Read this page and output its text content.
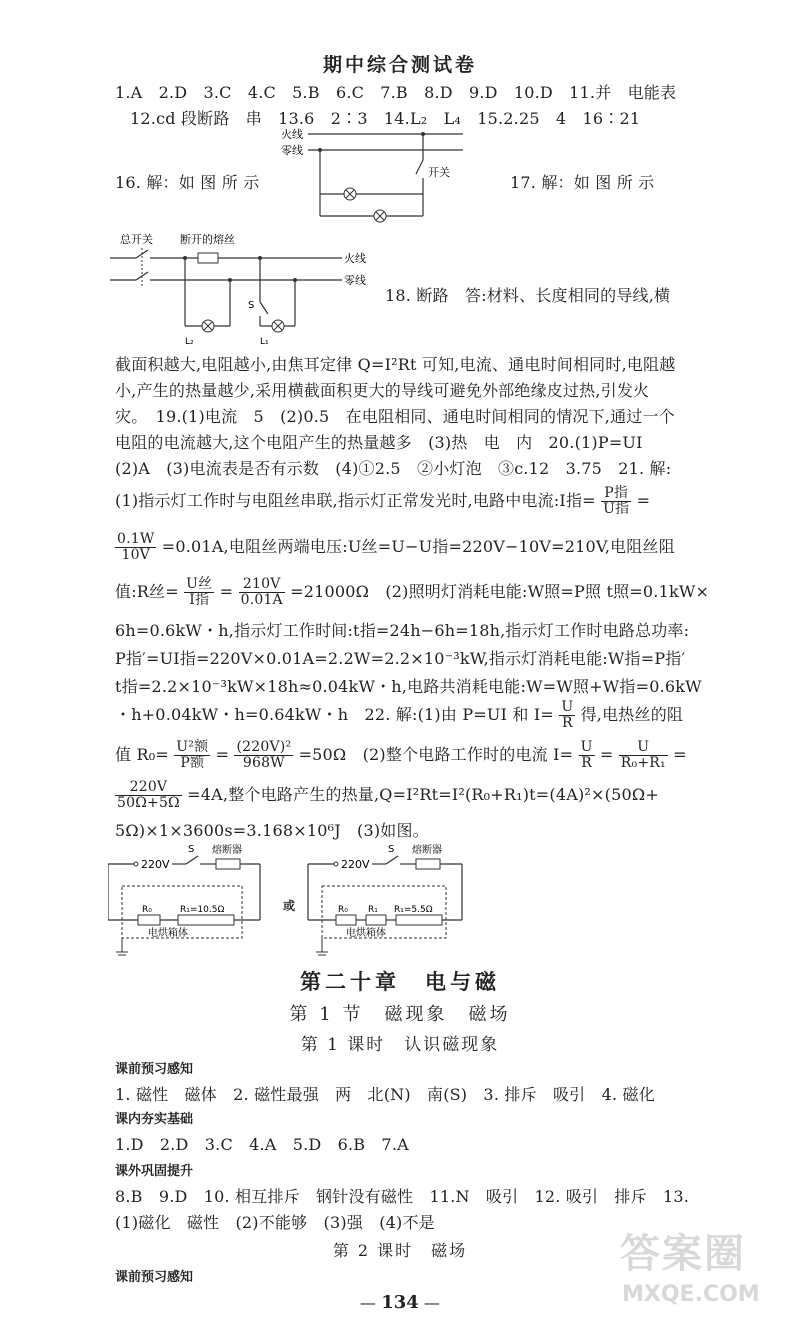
期中综合测试卷
1.A　2.D　3.C　4.C　5.B　6.C　7.B　8.D　9.D　10.D　11.并　电能表
12.cd 段断路　串　13.6　2∶3　14.L₂　L₄　15.2.25　4　16∶21
火线
零线
开关
16. 解：如 图 所 示	17. 解：如 图 所 示
总开关 断开的熔丝
火线
零线
L₂
S
L₁
18. 断路　答:材料、长度相同的导线,横
截面积越大,电阻越小,由焦耳定律 Q=I²Rt 可知,电流、通电时间相同时,电阻越
小,产生的热量越少,采用横截面积更大的导线可避免外部绝缘皮过热,引发火
灾。　19.(1)电流　5　(2)0.5　在电阻相同、通电时间相同的情况下,通过一个
电阻的电流越大,这个电阻产生的热量越多　(3)热　电　内　20.(1)P=UI
(2)A　(3)电流表是否有示数　(4)①2.5　②小灯泡　③c.12　3.75　21. 解:
(1)指示灯工作时与电阻丝串联,指示灯正常发光时,电路中电流:I指= $\frac{\text{P指}}{\text{U指}}$ =
$\frac{0.1W}{10V} =0.01A$,电阻丝两端电压:U丝=U−U指=220V−10V=210V,电阻丝阻
值:R丝= $\frac{\text{U丝}}{\text{I指}} = \frac{210V}{0.01A} =21000\Omega$　(2)照明灯消耗电能:W照=P照 t照=0.1kW×
6h=0.6kW・h,指示灯工作时间:t指=24h−6h=18h,指示灯工作时电路总功率:
P指′=UI指=220V×0.01A=2.2W=2.2×10⁻³kW,指示灯消耗电能:W指=P指′
t指=2.2×10⁻³kW×18h≈0.04kW・h,电路共消耗电能:W=W照+W指=0.6kW
・h+0.04kW・h=0.64kW・h　22. 解:(1)由 P=UI 和 $I= \frac{U}{R}$ 得,电热丝的阻
值 $R_0= \frac{\text{U²额}}{\text{P额}} = \frac{\text{(220V)²}}{968W} =50\Omega$　(2)整个电路工作时的电流 $I= \frac{U}{R} = \frac{U}{\text{R₀+R₁}}$ =
$\frac{220V}{50\Omega+5\Omega} =4A$,整个电路产生的热量,Q=I²Rt=I²(R₀+R₁)t=(4A)²×(50Ω+
5Ω)×1×3600s=3.168×10⁶J　(3)如图。
220V
S 熔断器
R₀	R₁=10.5Ω
电烘箱体
或
220V
S 熔断器
R₀ R₁ R₁=5.5Ω
电烘箱体
第二十章　电与磁
第 1 节　磁现象　磁场
第 1 课时　认识磁现象
课前预习感知
1. 磁性　磁体　2. 磁性最强　两　北(N)　南(S)　3. 排斥　吸引　4. 磁化
课内夯实基础
1.D　2.D　3.C　4.A　5.D　6.B　7.A
课外巩固提升
8.B　9.D　10. 相互排斥　钢针没有磁性　11.N　吸引　12. 吸引　排斥　13.
(1)磁化　磁性　(2)不能够　(3)强　(4)不是
第 2 课时　磁场
课前预习感知
— 134 —
答案圈
MXQE.COM
